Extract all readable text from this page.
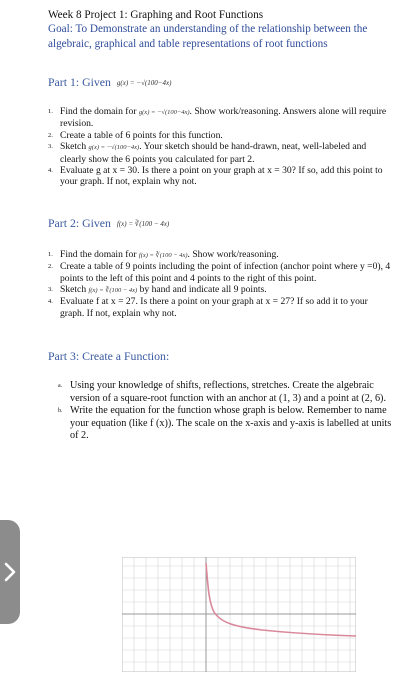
Week 8 Project 1: Graphing and Root Functions

Goal: To Demonstrate an understanding of the relationship between the algebraic, graphical and table representations of root functions

Part 1: Given g(x) = −√(100−4x)
1. Find the domain for g(x) = −√(100−4x). Show work/reasoning. Answers alone will require revision.
2. Create a table of 6 points for this function.
3. Sketch g(x) = −√(100−4x). Your sketch should be hand-drawn, neat, well-labeled and clearly show the 6 points you calculated for part 2.
4. Evaluate g at x = 30. Is there a point on your graph at x = 30? If so, add this point to your graph. If not, explain why not.
Part 2: Given f(x) = ∛(100 − 4x)
1. Find the domain for f(x) = ∛(100 − 4x). Show work/reasoning.
2. Create a table of 9 points including the point of infection (anchor point where y =0), 4 points to the left of this point and 4 points to the right of this point.
3. Sketch f(x) = ∛(100 − 4x) by hand and indicate all 9 points.
4. Evaluate f at x = 27. Is there a point on your graph at x = 27? If so add it to your graph. If not, explain why not.
Part 3: Create a Function:
a. Using your knowledge of shifts, reflections, stretches. Create the algebraic version of a square-root function with an anchor at (1, 3) and a point at (2, 6).
b. Write the equation for the function whose graph is below. Remember to name your equation (like f (x)). The scale on the x-axis and y-axis is labelled at units of 2.
